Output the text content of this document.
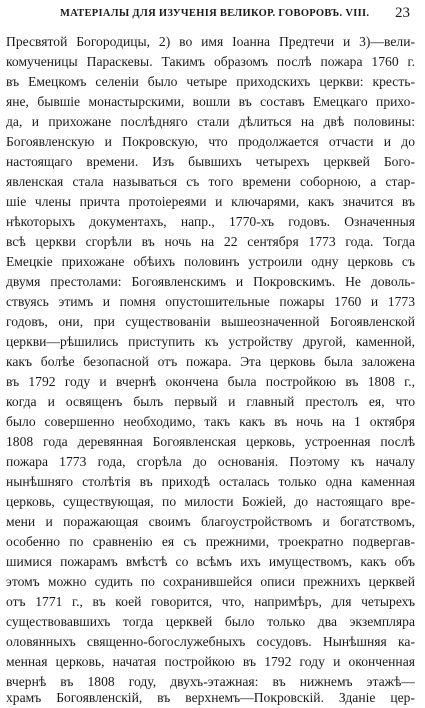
МАТЕРІАЛЫ ДЛЯ ИЗУЧЕНІЯ ВЕЛИКОР. ГОВОРОВЪ. VIII. 23
Пресвятой Богородицы, 2) во имя Іоанна Предтечи и 3)—вели-
комученицы Параскевы. Такимъ образомъ послѣ пожара 1760 г.
въ Емецкомъ селеніи было четыре приходскихъ церкви: кресть-
яне, бывшіе монастырскими, вошли въ составъ Емецкаго прихо-
да, и прихожане послѣдняго стали дѣлиться на двѣ половины:
Богоявленскую и Покровскую, что продолжается отчасти и до
настоящаго времени. Изъ бывшихъ четырехъ церквей Бого-
явленская стала называться съ того времени соборною, а стар-
шіе члены причта протоіереями и ключарями, какъ значится въ
нѣкоторыхъ документахъ, напр., 1770-хъ годовъ. Означенныя
всѣ церкви сгорѣли въ ночь на 22 сентября 1773 года. Тогда
Емецкіе прихожане обѣихъ половинъ устроили одну церковь съ
двумя престолами: Богоявленскимъ и Покровскимъ. Не доволь-
ствуясь этимъ и помня опустошительные пожары 1760 и 1773
годовъ, они, при существованіи вышеозначенной Богоявленской
церкви—рѣшились приступить къ устройству другой, каменной,
какъ болѣе безопасной отъ пожара. Эта церковь была заложена
въ 1792 году и вчернѣ окончена была постройкою въ 1808 г.,
когда и освященъ былъ первый и главный престолъ ея, что
было совершенно необходимо, такъ какъ въ ночь на 1 октября
1808 года деревянная Богоявленская церковь, устроенная послѣ
пожара 1773 года, сгорѣла до основанія. Поэтому къ началу
нынѣшняго столѣтія въ приходѣ осталась только одна каменная
церковь, существующая, по милости Божіей, до настоящаго вре-
мени и поражающая своимъ благоустройствомъ и богатствомъ,
особенно по сравненію ея съ прежними, троекратно подвергав-
шимися пожарамъ вмѣстѣ со всѣмъ ихъ имуществомъ, какъ объ
этомъ можно судить по сохранившейся описи прежнихъ церквей
отъ 1771 г., въ коей говорится, что, напримѣръ, для четырехъ
существовавшихъ тогда церквей было только два экземпляра
оловянныхъ священно-богослужебныхъ сосудовъ. Нынѣшняя ка-
менная церковь, начатая постройкою въ 1792 году и оконченная
вчернѣ въ 1808 году, двухъ-этажная: въ нижнемъ этажѣ—
храмъ Богоявленскій, въ верхнемъ—Покровскій. Зданіе цер-
